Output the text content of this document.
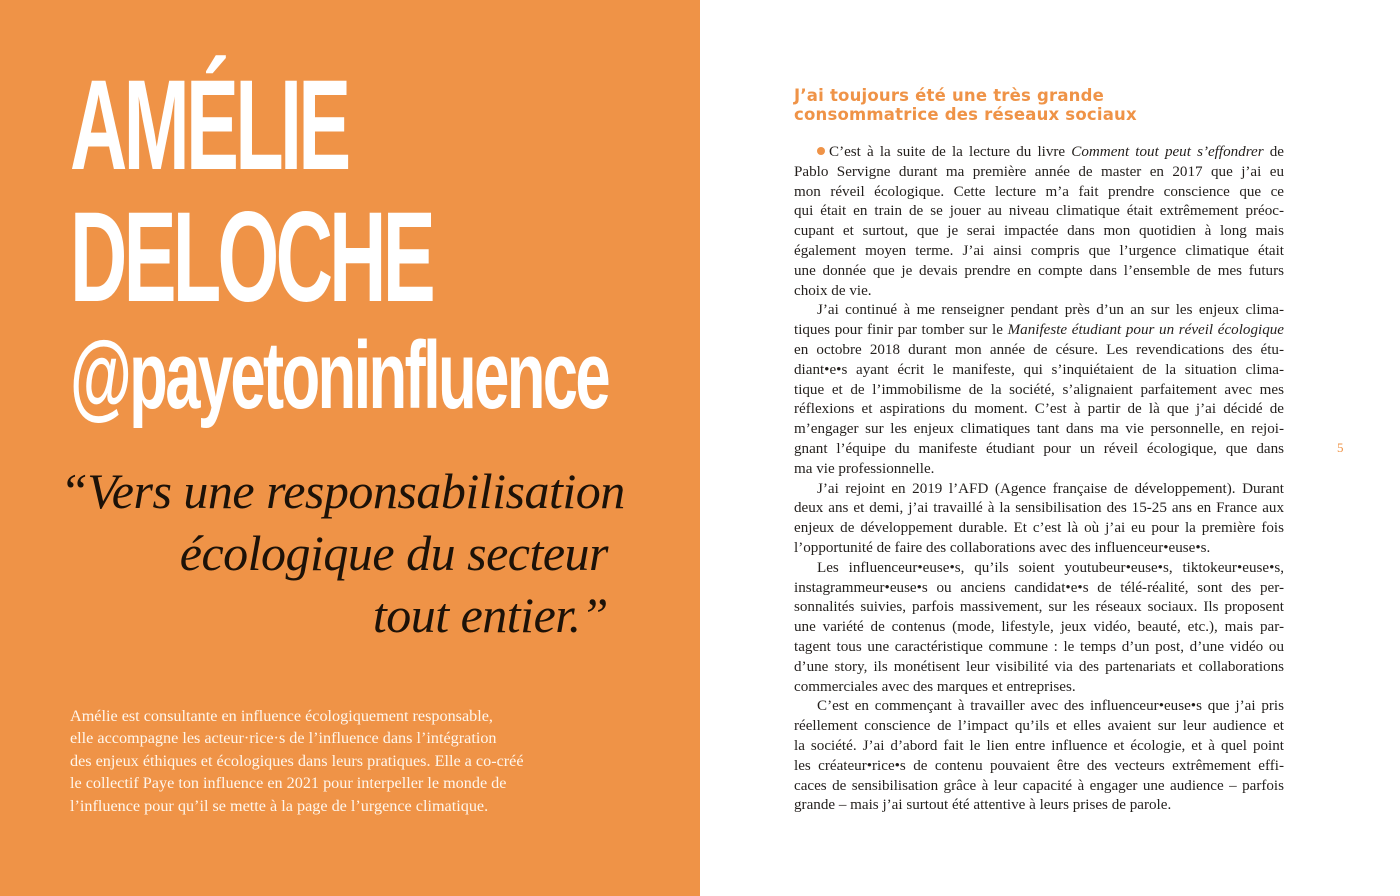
AMÉLIE
DELOCHE
@payetoninfluence
“Vers une responsabilisation
écologique du secteur
tout entier.”
Amélie est consultante en influence écologiquement responsable,
elle accompagne les acteur·rice·s de l’influence dans l’intégration
des enjeux éthiques et écologiques dans leurs pratiques. Elle a co-créé
le collectif Paye ton influence en 2021 pour interpeller le monde de
l’influence pour qu’il se mette à la page de l’urgence climatique.
J’ai toujours été une très grande
consommatrice des réseaux sociaux

C’est à la suite de la lecture du livre Comment tout peut s’effondrer de
Pablo Servigne durant ma première année de master en 2017 que j’ai eu
mon réveil écologique. Cette lecture m’a fait prendre conscience que ce
qui était en train de se jouer au niveau climatique était extrêmement préoc-
cupant et surtout, que je serai impactée dans mon quotidien à long mais
également moyen terme. J’ai ainsi compris que l’urgence climatique était
une donnée que je devais prendre en compte dans l’ensemble de mes futurs
choix de vie.

J’ai continué à me renseigner pendant près d’un an sur les enjeux clima-
tiques pour finir par tomber sur le Manifeste étudiant pour un réveil écologique
en octobre 2018 durant mon année de césure. Les revendications des étu-
diant•e•s ayant écrit le manifeste, qui s’inquiétaient de la situation clima-
tique et de l’immobilisme de la société, s’alignaient parfaitement avec mes
réflexions et aspirations du moment. C’est à partir de là que j’ai décidé de
m’engager sur les enjeux climatiques tant dans ma vie personnelle, en rejoi-
gnant l’équipe du manifeste étudiant pour un réveil écologique, que dans
ma vie professionnelle.

J’ai rejoint en 2019 l’AFD (Agence française de développement). Durant
deux ans et demi, j’ai travaillé à la sensibilisation des 15-25 ans en France aux
enjeux de développement durable. Et c’est là où j’ai eu pour la première fois
l’opportunité de faire des collaborations avec des influenceur•euse•s.

Les influenceur•euse•s, qu’ils soient youtubeur•euse•s, tiktokeur•euse•s,
instagrammeur•euse•s ou anciens candidat•e•s de télé-réalité, sont des per-
sonnalités suivies, parfois massivement, sur les réseaux sociaux. Ils proposent
une variété de contenus (mode, lifestyle, jeux vidéo, beauté, etc.), mais par-
tagent tous une caractéristique commune : le temps d’un post, d’une vidéo ou
d’une story, ils monétisent leur visibilité via des partenariats et collaborations
commerciales avec des marques et entreprises.

C’est en commençant à travailler avec des influenceur•euse•s que j’ai pris
réellement conscience de l’impact qu’ils et elles avaient sur leur audience et
la société. J’ai d’abord fait le lien entre influence et écologie, et à quel point
les créateur•rice•s de contenu pouvaient être des vecteurs extrêmement effi-
caces de sensibilisation grâce à leur capacité à engager une audience – parfois
grande – mais j’ai surtout été attentive à leurs prises de parole.

5
